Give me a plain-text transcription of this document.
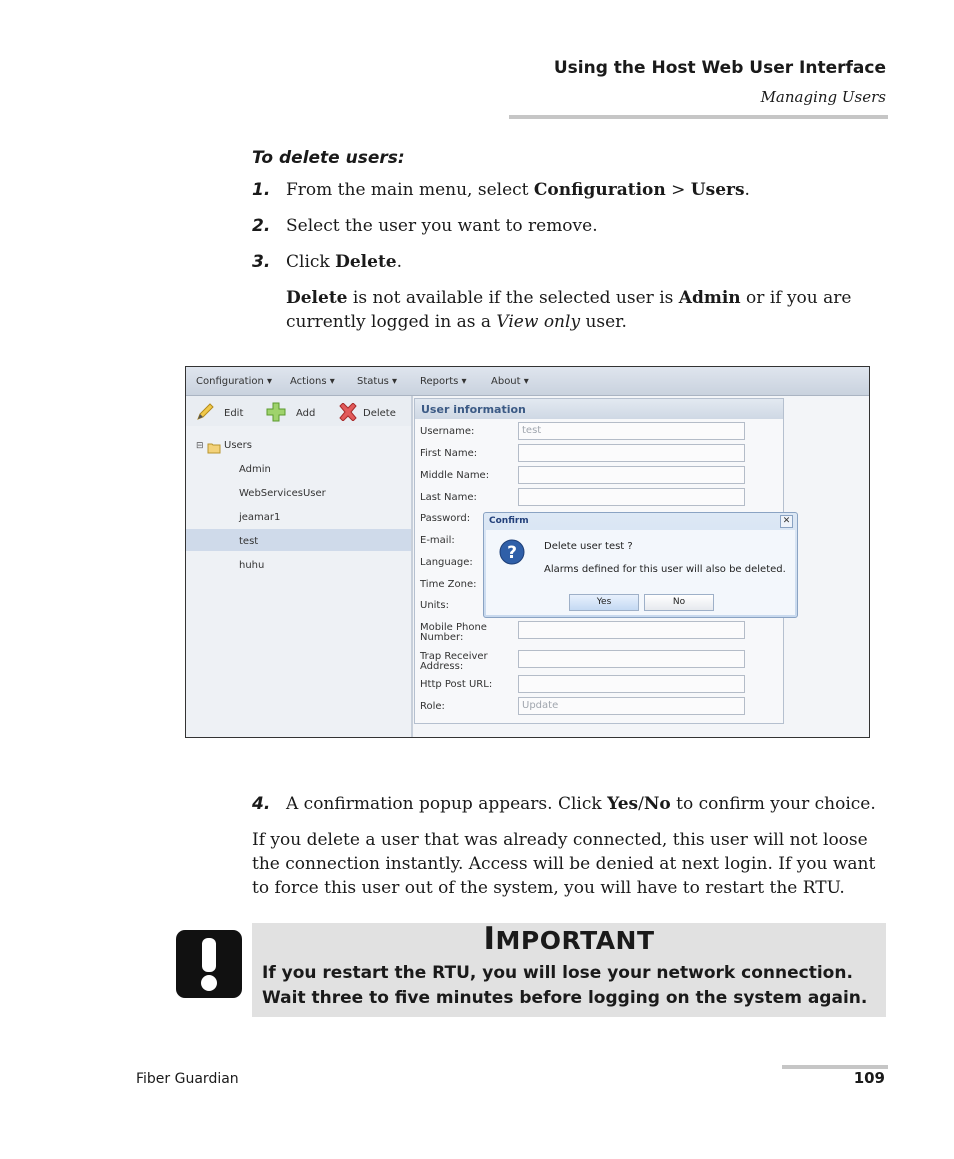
Using the Host Web User Interface
Managing Users
To delete users:
1. From the main menu, select Configuration > Users.
2. Select the user you want to remove.
3. Click Delete.
Delete is not available if the selected user is Admin or if you are currently logged in as a View only user.
Configuration ▾ Actions ▾ Status ▾ Reports ▾ About ▾
Edit	Add	Delete
⊟ Users
Admin
WebServicesUser
jeamar1
test
huhu
User information
Username:	test
First Name:
Middle Name:
Last Name:
Password:
E-mail:
Language:
Time Zone:
Units:
Mobile Phone Number:
Trap Receiver Address:
Http Post URL:
Role:	Update
Confirm	✕
?	Delete user test ?
Alarms defined for this user will also be deleted.
Yes	No
4. A confirmation popup appears. Click Yes/No to confirm your choice.
If you delete a user that was already connected, this user will not loose the connection instantly. Access will be denied at next login. If you want to force this user out of the system, you will have to restart the RTU.
IMPORTANT
If you restart the RTU, you will lose your network connection. Wait three to five minutes before logging on the system again.
Fiber Guardian	109
